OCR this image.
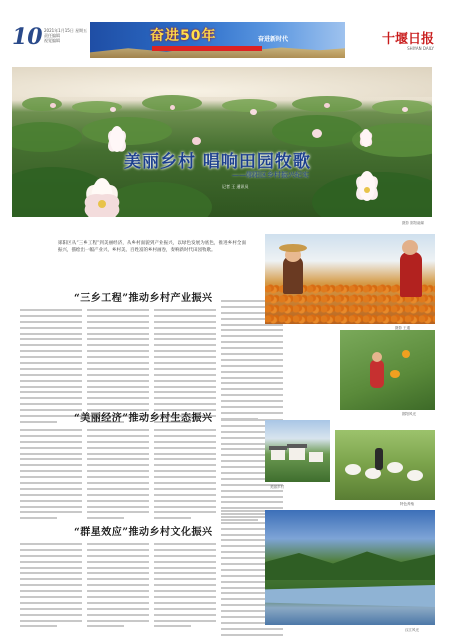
10 2021年1月15日 星期五
责任编辑
视觉编辑	奋进50年	奋进新时代	十堰日报
SHIYAN DAILY
美丽乡村 唱响田园牧歌
——郧阳区乡村振兴纪实
记者 王 通讯员
摄影 郧阳融媒
郧阳区从“三乡工程”到美丽经济，从乡村面貌到产业振兴，以绿色发展为底色，推进乡村全面振兴，描绘出一幅产业兴、乡村美、百姓富的乡村画卷，奏响新时代田园牧歌。
“三乡工程”推动乡村产业振兴
“美丽经济”推动乡村生态振兴
“群星效应”推动乡村文化振兴
摄影 王通
郧阳风光
美丽乡村
特色养殖
汉江风光
